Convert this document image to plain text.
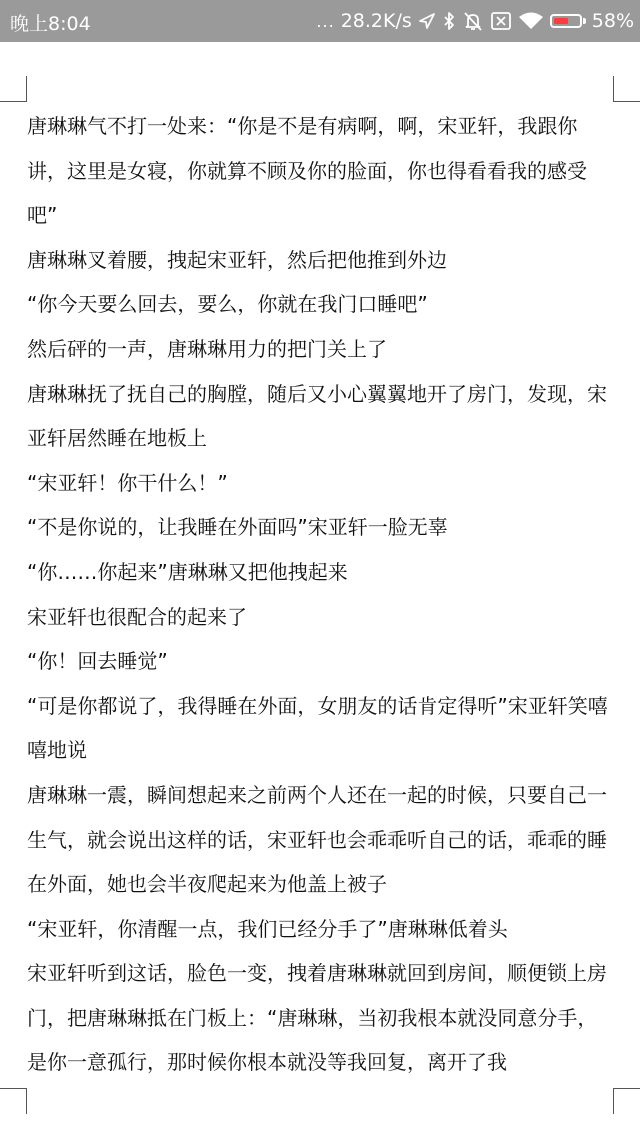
晚上8:04	... 28.2K/s	58%

唐琳琳气不打一处来：“你是不是有病啊，啊，宋亚轩，我跟你讲，这里是女寝，你就算不顾及你的脸面，你也得看看我的感受吧”

唐琳琳叉着腰，拽起宋亚轩，然后把他推到外边

“你今天要么回去，要么，你就在我门口睡吧”

然后砰的一声，唐琳琳用力的把门关上了

唐琳琳抚了抚自己的胸膛，随后又小心翼翼地开了房门，发现，宋亚轩居然睡在地板上

“宋亚轩！你干什么！”

“不是你说的，让我睡在外面吗”宋亚轩一脸无辜

“你……你起来”唐琳琳又把他拽起来

宋亚轩也很配合的起来了

“你！回去睡觉”

“可是你都说了，我得睡在外面，女朋友的话肯定得听”宋亚轩笑嘻嘻地说

唐琳琳一震，瞬间想起来之前两个人还在一起的时候，只要自己一生气，就会说出这样的话，宋亚轩也会乖乖听自己的话，乖乖的睡在外面，她也会半夜爬起来为他盖上被子

“宋亚轩，你清醒一点，我们已经分手了”唐琳琳低着头

宋亚轩听到这话，脸色一变，拽着唐琳琳就回到房间，顺便锁上房门，把唐琳琳抵在门板上：“唐琳琳，当初我根本就没同意分手，是你一意孤行，那时候你根本就没等我回复，离开了我
